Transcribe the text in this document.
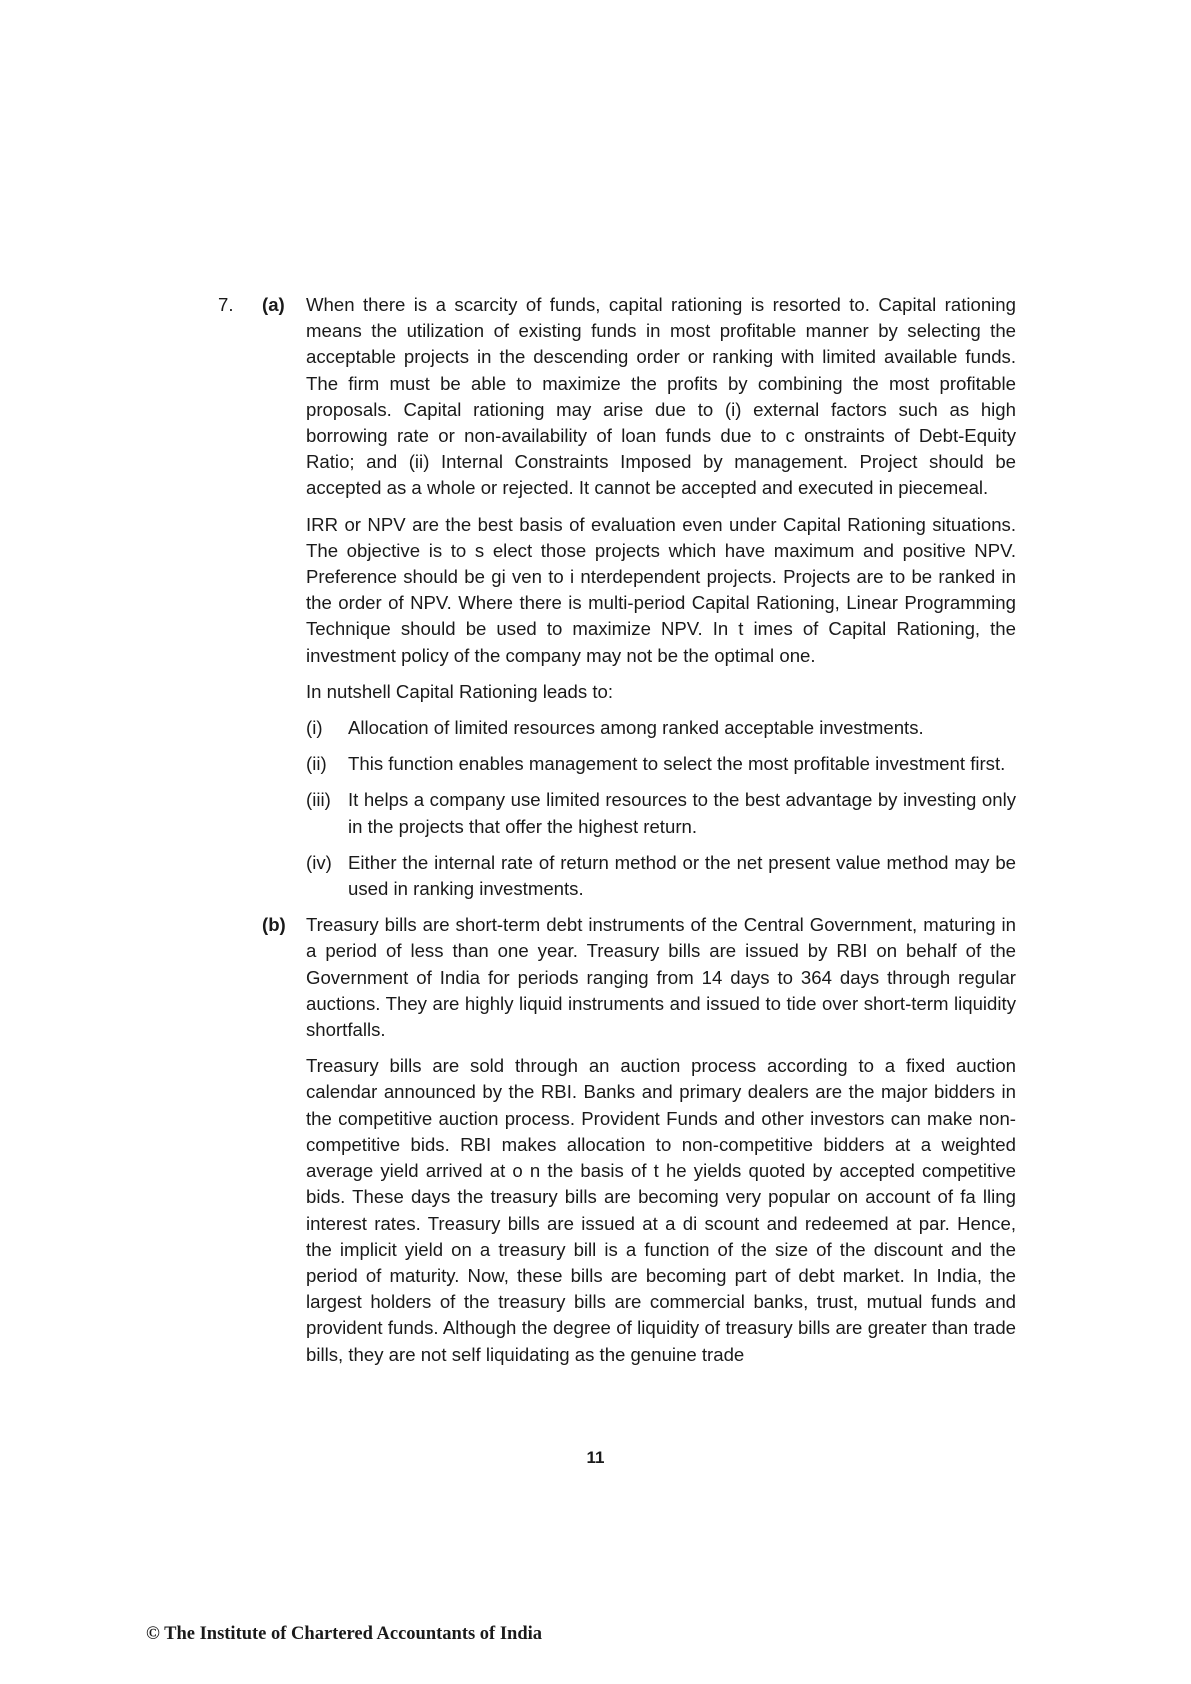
7. (a) When there is a scarcity of funds, capital rationing is resorted to. Capital rationing means the utilization of existing funds in most profitable manner by selecting the acceptable projects in the descending order or ranking with limited available funds. The firm must be able to maximize the profits by combining the most profitable proposals. Capital rationing may arise due to (i) external factors such as high borrowing rate or non-availability of loan funds due to c onstraints of Debt-Equity Ratio; and (ii) Internal Constraints Imposed by management. Project should be accepted as a whole or rejected. It cannot be accepted and executed in piecemeal.

IRR or NPV are the best basis of evaluation even under Capital Rationing situations. The objective is to s elect those projects which have maximum and positive NPV. Preference should be gi ven to i nterdependent projects. Projects are to be ranked in the order of NPV. Where there is multi-period Capital Rationing, Linear Programming Technique should be used to maximize NPV. In t imes of Capital Rationing, the investment policy of the company may not be the optimal one.

In nutshell Capital Rationing leads to:

(i) Allocation of limited resources among ranked acceptable investments.
(ii) This function enables management to select the most profitable investment first.
(iii) It helps a company use limited resources to the best advantage by investing only in the projects that offer the highest return.
(iv) Either the internal rate of return method or the net present value method may be used in ranking investments.
(b) Treasury bills are short-term debt instruments of the Central Government, maturing in a period of less than one year. Treasury bills are issued by RBI on behalf of the Government of India for periods ranging from 14 days to 364 days through regular auctions. They are highly liquid instruments and issued to tide over short-term liquidity shortfalls.

Treasury bills are sold through an auction process according to a fixed auction calendar announced by the RBI. Banks and primary dealers are the major bidders in the competitive auction process. Provident Funds and other investors can make non-competitive bids. RBI makes allocation to non-competitive bidders at a weighted average yield arrived at o n the basis of t he yields quoted by accepted competitive bids. These days the treasury bills are becoming very popular on account of fa lling interest rates. Treasury bills are issued at a di scount and redeemed at par. Hence, the implicit yield on a treasury bill is a function of the size of the discount and the period of maturity. Now, these bills are becoming part of debt market. In India, the largest holders of the treasury bills are commercial banks, trust, mutual funds and provident funds. Although the degree of liquidity of treasury bills are greater than trade bills, they are not self liquidating as the genuine trade

11
© The Institute of Chartered Accountants of India
